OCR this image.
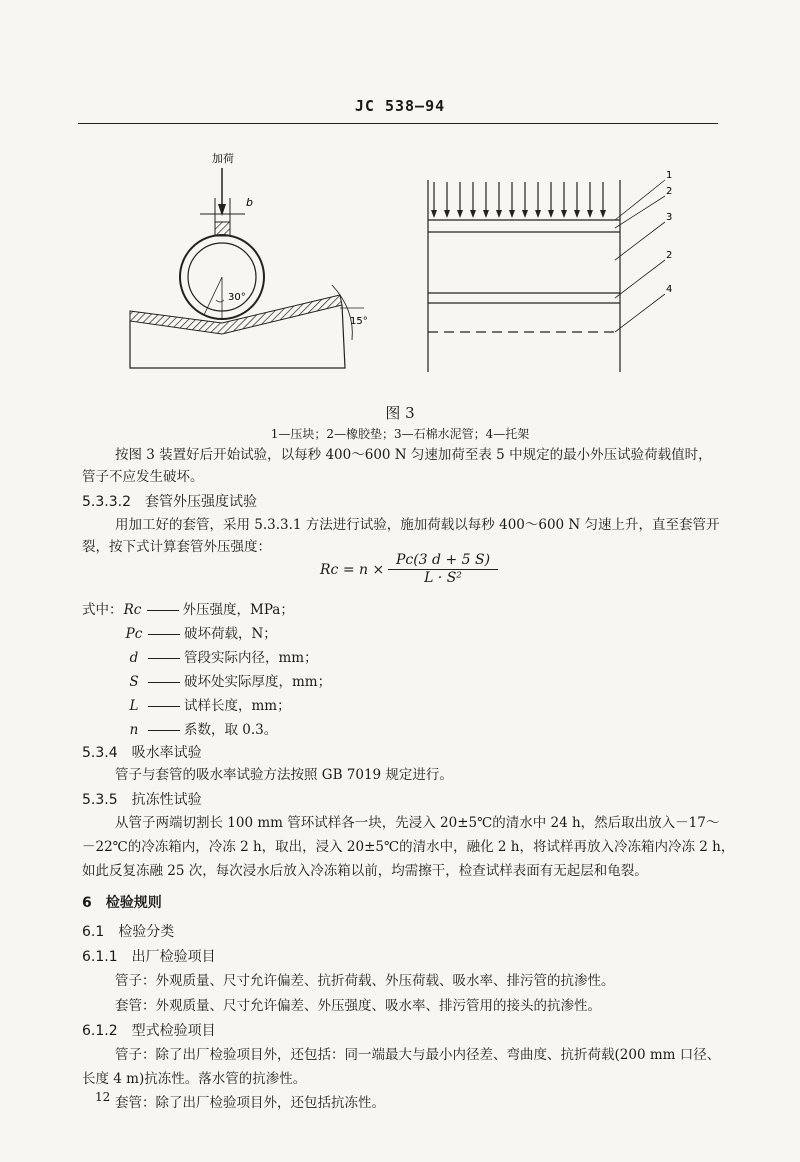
JC 538—94
加荷
b
30°
15°
1
2
3
2
4
图 3
1—压块；2—橡胶垫；3—石棉水泥管；4—托架
按图 3 装置好后开始试验，以每秒 400～600 N 匀速加荷至表 5 中规定的最小外压试验荷载值时，
管子不应发生破坏。
5.3.3.2　套管外压强度试验
用加工好的套管，采用 5.3.3.1 方法进行试验，施加荷载以每秒 400～600 N 匀速上升，直至套管开
裂，按下式计算套管外压强度：
$Rc = n \times \frac{Pc(3 d + 5 S)}{\text{L · S²}}$
式中：Rc	外压强度，MPa；
Pc	破坏荷载，N；
d	管段实际内径，mm；
S	破坏处实际厚度，mm；
L	试样长度，mm；
n	系数，取 0.3。
5.3.4　吸水率试验
管子与套管的吸水率试验方法按照 GB 7019 规定进行。
5.3.5　抗冻性试验
从管子两端切割长 100 mm 管环试样各一块，先浸入 20±5℃的清水中 24 h，然后取出放入－17～
－22℃的冷冻箱内，冷冻 2 h，取出，浸入 20±5℃的清水中，融化 2 h，将试样再放入冷冻箱内冷冻 2 h，
如此反复冻融 25 次，每次浸水后放入冷冻箱以前，均需擦干，检查试样表面有无起层和龟裂。
6　检验规则
6.1　检验分类
6.1.1　出厂检验项目
管子：外观质量、尺寸允许偏差、抗折荷载、外压荷载、吸水率、排污管的抗渗性。
套管：外观质量、尺寸允许偏差、外压强度、吸水率、排污管用的接头的抗渗性。
6.1.2　型式检验项目
管子：除了出厂检验项目外，还包括：同一端最大与最小内径差、弯曲度、抗折荷载(200 mm 口径、
长度 4 m)抗冻性。落水管的抗渗性。
套管：除了出厂检验项目外，还包括抗冻性。
12
